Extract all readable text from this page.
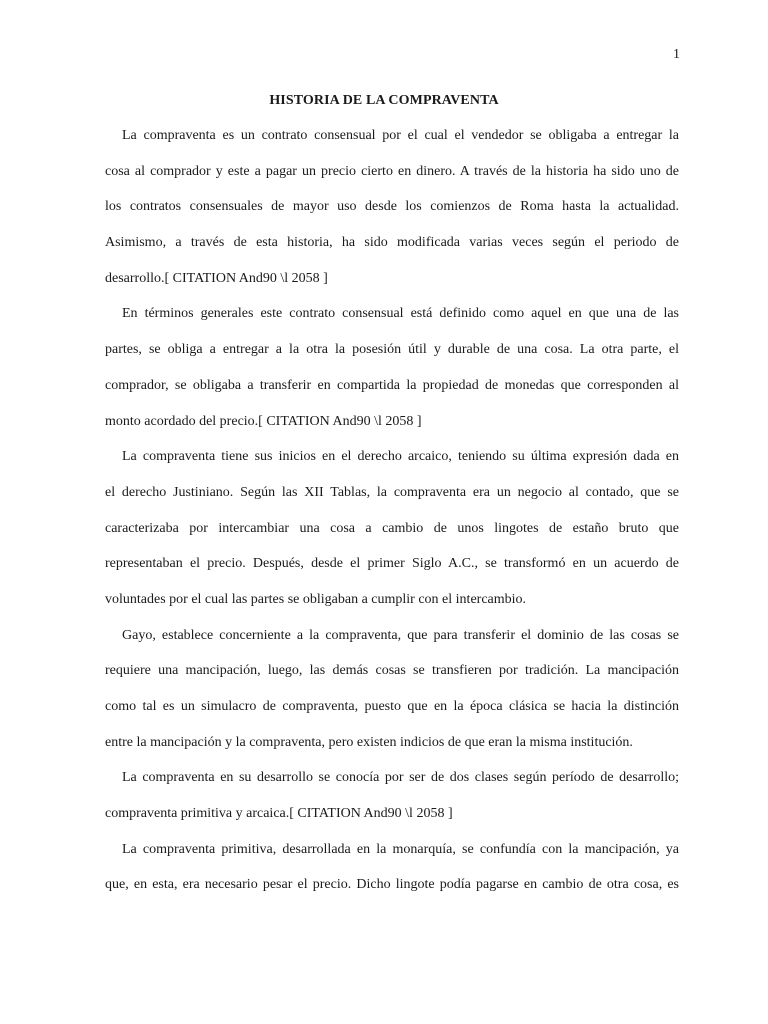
1
HISTORIA DE LA COMPRAVENTA
La compraventa es un contrato consensual por el cual el vendedor se obligaba a entregar la
cosa al comprador y este a pagar un precio cierto en dinero. A través de la historia ha sido uno de
los contratos consensuales de mayor uso desde los comienzos de Roma hasta la actualidad.
Asimismo, a través de esta historia, ha sido modificada varias veces según el periodo de
desarrollo.[ CITATION And90 \l 2058 ]
En términos generales este contrato consensual está definido como aquel en que una de las
partes, se obliga a entregar a la otra la posesión útil y durable de una cosa. La otra parte, el
comprador, se obligaba a transferir en compartida la propiedad de monedas que corresponden al
monto acordado del precio.[ CITATION And90 \l 2058 ]
La compraventa tiene sus inicios en el derecho arcaico, teniendo su última expresión dada en
el derecho Justiniano. Según las XII Tablas, la compraventa era un negocio al contado, que se
caracterizaba por intercambiar una cosa a cambio de unos lingotes de estaño bruto que
representaban el precio. Después, desde el primer Siglo A.C., se transformó en un acuerdo de
voluntades por el cual las partes se obligaban a cumplir con el intercambio.
Gayo, establece concerniente a la compraventa, que para transferir el dominio de las cosas se
requiere una mancipación, luego, las demás cosas se transfieren por tradición. La mancipación
como tal es un simulacro de compraventa, puesto que en la época clásica se hacia la distinción
entre la mancipación y la compraventa, pero existen indicios de que eran la misma institución.
La compraventa en su desarrollo se conocía por ser de dos clases según período de desarrollo;
compraventa primitiva y arcaica.[ CITATION And90 \l 2058 ]
La compraventa primitiva, desarrollada en la monarquía, se confundía con la mancipación, ya
que, en esta, era necesario pesar el precio. Dicho lingote podía pagarse en cambio de otra cosa, es
